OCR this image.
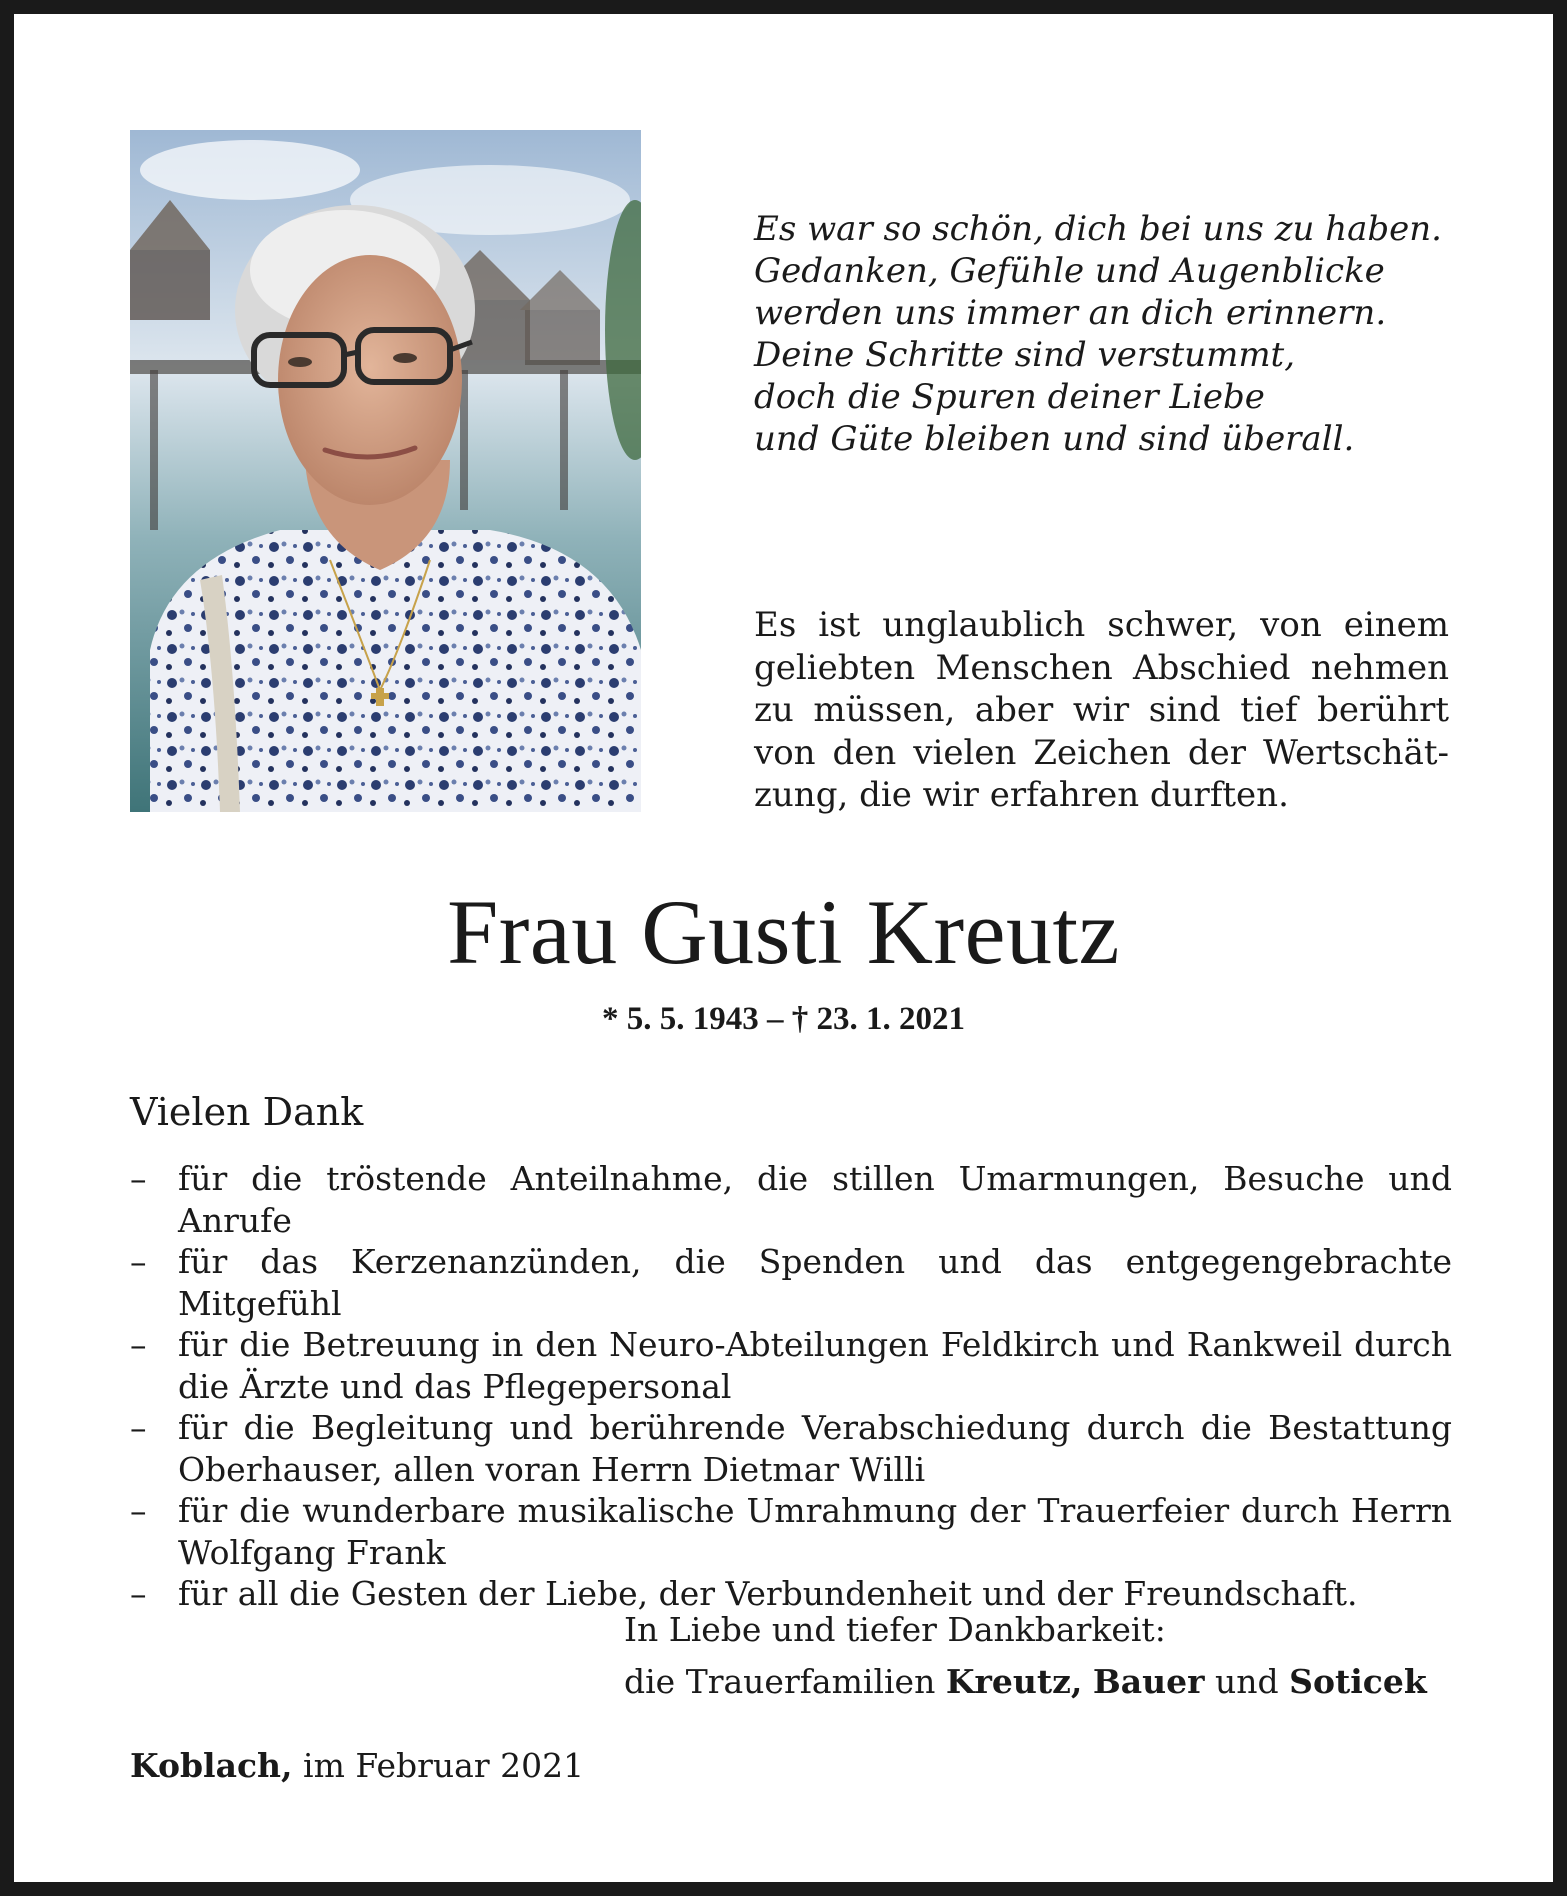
Es war so schön, dich bei uns zu haben.
Gedanken, Gefühle und Augenblicke
werden uns immer an dich erinnern.
Deine Schritte sind verstummt,
doch die Spuren deiner Liebe
und Güte bleiben und sind überall.
Es ist unglaublich schwer, von einem
geliebten Menschen Abschied nehmen
zu müssen, aber wir sind tief berührt
von den vielen Zeichen der Wertschät-
zung, die wir erfahren durften.
Frau Gusti Kreutz
* 5. 5. 1943 – † 23. 1. 2021
Vielen Dank
– für die tröstende Anteilnahme, die stillen Umarmungen, Besuche und Anrufe
– für das Kerzenanzünden, die Spenden und das entgegengebrachte Mitgefühl
– für die Betreuung in den Neuro-Abteilungen Feldkirch und Rankweil durch die Ärzte und das Pflegepersonal
– für die Begleitung und berührende Verabschiedung durch die Bestattung Oberhauser, allen voran Herrn Dietmar Willi
– für die wunderbare musikalische Umrahmung der Trauerfeier durch Herrn Wolfgang Frank
– für all die Gesten der Liebe, der Verbundenheit und der Freundschaft.
In Liebe und tiefer Dankbarkeit:
die Trauerfamilien Kreutz, Bauer und Soticek
Koblach, im Februar 2021
